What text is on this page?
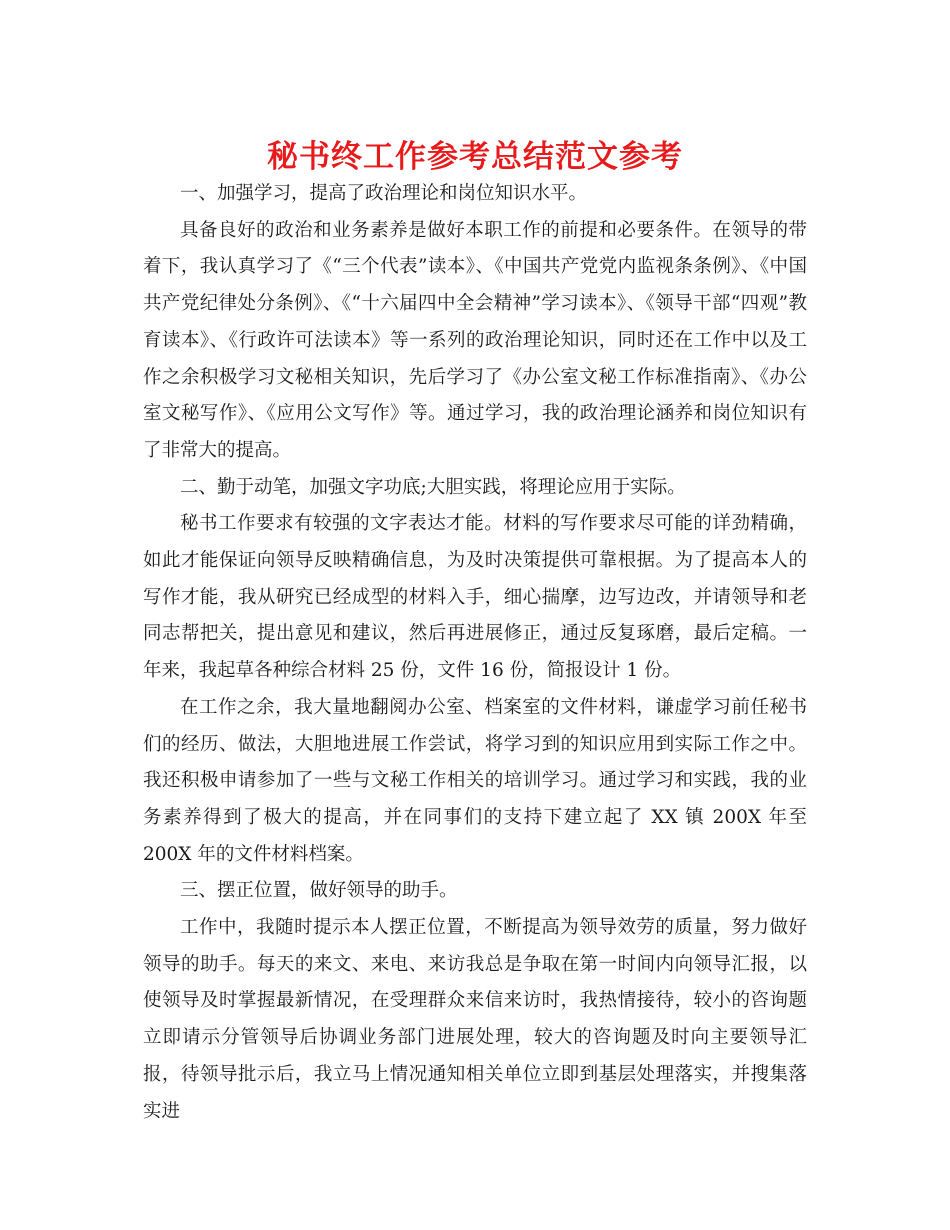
秘书终工作参考总结范文参考

一、加强学习，提高了政治理论和岗位知识水平。

具备良好的政治和业务素养是做好本职工作的前提和必要条件。在领导的带着下，我认真学习了《“三个代表”读本》、《中国共产党党内监视条条例》、《中国共产党纪律处分条例》、《“十六届四中全会精神”学习读本》、《领导干部“四观”教育读本》、《行政许可法读本》等一系列的政治理论知识，同时还在工作中以及工作之余积极学习文秘相关知识，先后学习了《办公室文秘工作标准指南》、《办公室文秘写作》、《应用公文写作》等。通过学习，我的政治理论涵养和岗位知识有了非常大的提高。

二、勤于动笔，加强文字功底;大胆实践，将理论应用于实际。

秘书工作要求有较强的文字表达才能。材料的写作要求尽可能的详劲精确，如此才能保证向领导反映精确信息，为及时决策提供可靠根据。为了提高本人的写作才能，我从研究已经成型的材料入手，细心揣摩，边写边改，并请领导和老同志帮把关，提出意见和建议，然后再进展修正，通过反复琢磨，最后定稿。一年来，我起草各种综合材料 25 份，文件 16 份，简报设计 1 份。

在工作之余，我大量地翻阅办公室、档案室的文件材料，谦虚学习前任秘书们的经历、做法，大胆地进展工作尝试，将学习到的知识应用到实际工作之中。我还积极申请参加了一些与文秘工作相关的培训学习。通过学习和实践，我的业务素养得到了极大的提高，并在同事们的支持下建立起了 XX 镇 200X 年至 200X 年的文件材料档案。

三、摆正位置，做好领导的助手。

工作中，我随时提示本人摆正位置，不断提高为领导效劳的质量，努力做好领导的助手。每天的来文、来电、来访我总是争取在第一时间内向领导汇报，以使领导及时掌握最新情况，在受理群众来信来访时，我热情接待，较小的咨询题立即请示分管领导后协调业务部门进展处理，较大的咨询题及时向主要领导汇报，待领导批示后，我立马上情况通知相关单位立即到基层处理落实，并搜集落实进
